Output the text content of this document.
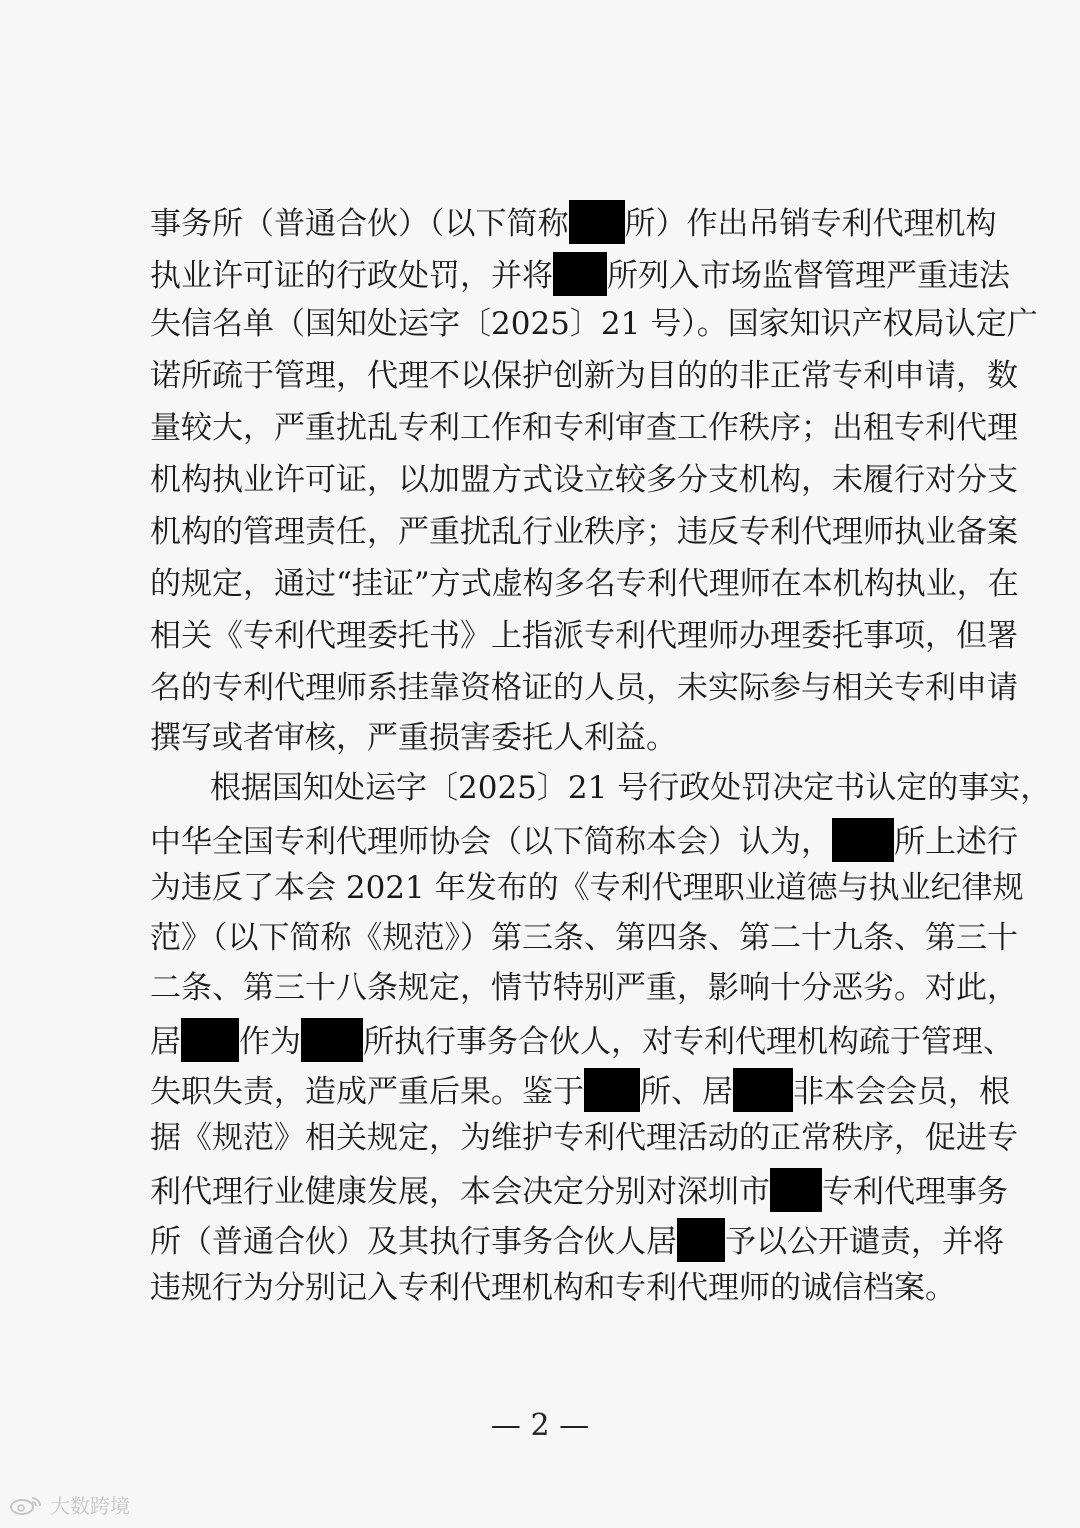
事务所（普通合伙）（以下简称 所）作出吊销专利代理机构
执业许可证的行政处罚，并将 所列入市场监督管理严重违法
失信名单（国知处运字〔2025〕21 号）。国家知识产权局认定广
诺所疏于管理，代理不以保护创新为目的的非正常专利申请，数
量较大，严重扰乱专利工作和专利审查工作秩序；出租专利代理
机构执业许可证，以加盟方式设立较多分支机构，未履行对分支
机构的管理责任，严重扰乱行业秩序；违反专利代理师执业备案
的规定，通过“挂证”方式虚构多名专利代理师在本机构执业，在
相关《专利代理委托书》上指派专利代理师办理委托事项，但署
名的专利代理师系挂靠资格证的人员，未实际参与相关专利申请
撰写或者审核，严重损害委托人利益。
根据国知处运字〔2025〕21 号行政处罚决定书认定的事实，
中华全国专利代理师协会（以下简称本会）认为， 所上述行
为违反了本会 2021 年发布的《专利代理职业道德与执业纪律规
范》（以下简称《规范》）第三条、第四条、第二十九条、第三十
二条、第三十八条规定，情节特别严重，影响十分恶劣。对此，
居 作为 所执行事务合伙人，对专利代理机构疏于管理、
失职失责，造成严重后果。鉴于 所、居 非本会会员，根
据《规范》相关规定，为维护专利代理活动的正常秩序，促进专
利代理行业健康发展，本会决定分别对深圳市 专利代理事务
所（普通合伙）及其执行事务合伙人居 予以公开谴责，并将
违规行为分别记入专利代理机构和专利代理师的诚信档案。
— 2 —
大数跨境
